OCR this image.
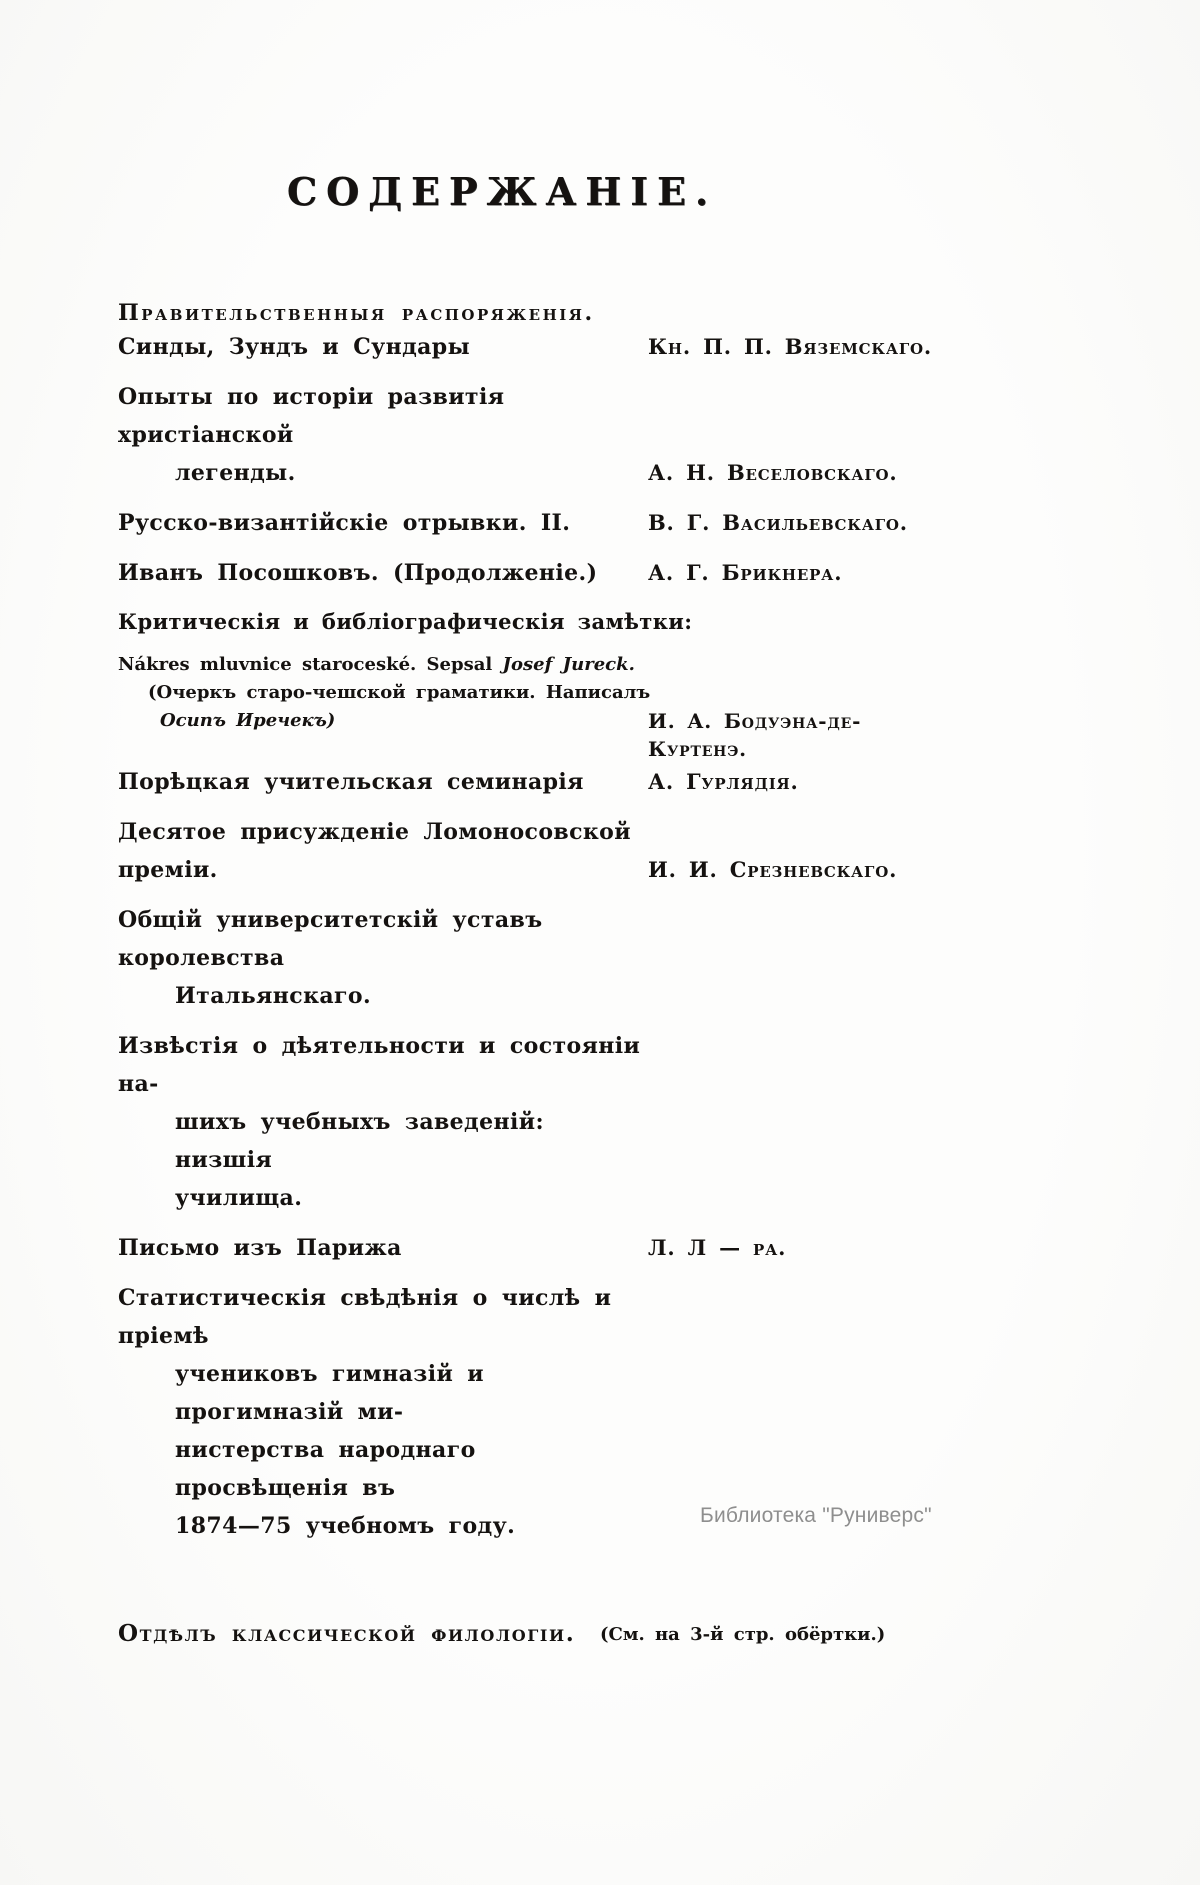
СОДЕРЖАНІЕ.
Правительственныя распоряженія.
Синды, Зундъ и Сундары	Кн. П. П. Вяземскаго.
Опыты по исторіи развитія христіанской
легенды.	А. Н. Веселовскаго.
Русско-византійскіе отрывки. II.	В. Г. Васильевскаго.
Иванъ Посошковъ. (Продолженіе.)	А. Г. Брикнера.
Критическія и библіографическія замѣтки:
Nákres mluvnice staroceské. Sepsal Josef Jureck.
(Очеркъ старо-чешской граматики. Написалъ
Осипъ Иречекъ)	И. А. Бодуэна-де-
Куртенэ.
Порѣцкая учительская семинарія	А. Гурлядія.
Десятое присужденіе Ломоносовской преміи.	И. И. Срезневскаго.
Общій университетскій уставъ королевства
Итальянскаго.
Извѣстія о дѣятельности и состояніи на-
шихъ учебныхъ заведеній: низшія
училища.
Письмо изъ Парижа	Л. Л — ра.
Статистическія свѣдѣнія о числѣ и пріемѣ
учениковъ гимназій и прогимназій ми-
нистерства народнаго просвѣщенія въ
1874—75 учебномъ году.
Отдѣлъ классической филологіи.	(См. на 3-й стр. обёртки.)
Библиотека "Руниверс"
